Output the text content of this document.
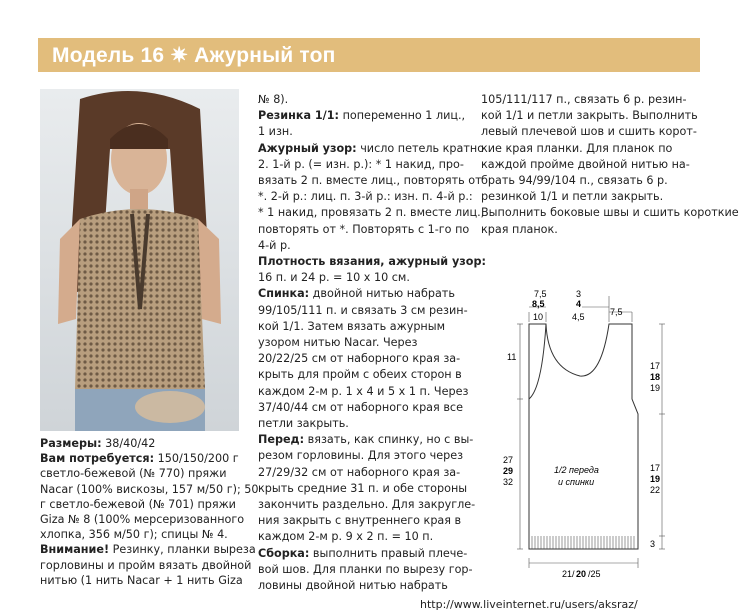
Модель 16 ✷ Ажурный топ
Размеры: 38/40/42
Вам потребуется: 150/150/200 г
светло-бежевой (№ 770) пряжи
Nacar (100% вискозы, 157 м/50 г); 50
г светло-бежевой (№ 701) пряжи
Giza № 8 (100% мерсеризованного
хлопка, 356 м/50 г); спицы № 4.
Внимание! Резинку, планки выреза
горловины и пройм вязать двойной
нитью (1 нить Nacar + 1 нить Giza
№ 8).
Резинка 1/1: попеременно 1 лиц.,
1 изн.
Ажурный узор: число петель кратно
2. 1-й р. (= изн. р.): * 1 накид, про-
вязать 2 п. вместе лиц., повторять от
*. 2-й р.: лиц. п. 3-й р.: изн. п. 4-й р.:
* 1 накид, провязать 2 п. вместе лиц.,
повторять от *. Повторять с 1-го по
4-й р.
Плотность вязания, ажурный узор:
16 п. и 24 р. = 10 х 10 см.
Спинка: двойной нитью набрать
99/105/111 п. и связать 3 см резин-
кой 1/1. Затем вязать ажурным
узором нитью Nacar. Через
20/22/25 см от наборного края за-
крыть для пройм с обеих сторон в
каждом 2-м р. 1 х 4 и 5 х 1 п. Через
37/40/44 см от наборного края все
петли закрыть.
Перед: вязать, как спинку, но с вы-
резом горловины. Для этого через
27/29/32 см от наборного края за-
крыть средние 31 п. и обе стороны
закончить раздельно. Для закругле-
ния закрыть с внутреннего края в
каждом 2-м р. 9 х 2 п. = 10 п.
Сборка: выполнить правый плече-
вой шов. Для планки по вырезу гор-
ловины двойной нитью набрать
105/111/117 п., связать 6 р. резин-
кой 1/1 и петли закрыть. Выполнить
левый плечевой шов и сшить корот-
кие края планки. Для планок по
каждой пройме двойной нитью на-
брать 94/99/104 п., связать 6 р.
резинкой 1/1 и петли закрыть.
Выполнить боковые швы и сшить короткие
края планок.
7,5
8,5
10
3
4
4,5	7,5
11
27
29
32
17
18
19
17
19
22
3
21/ 20 /25
1/2 переда
и спинки
http://www.liveinternet.ru/users/aksraz/
